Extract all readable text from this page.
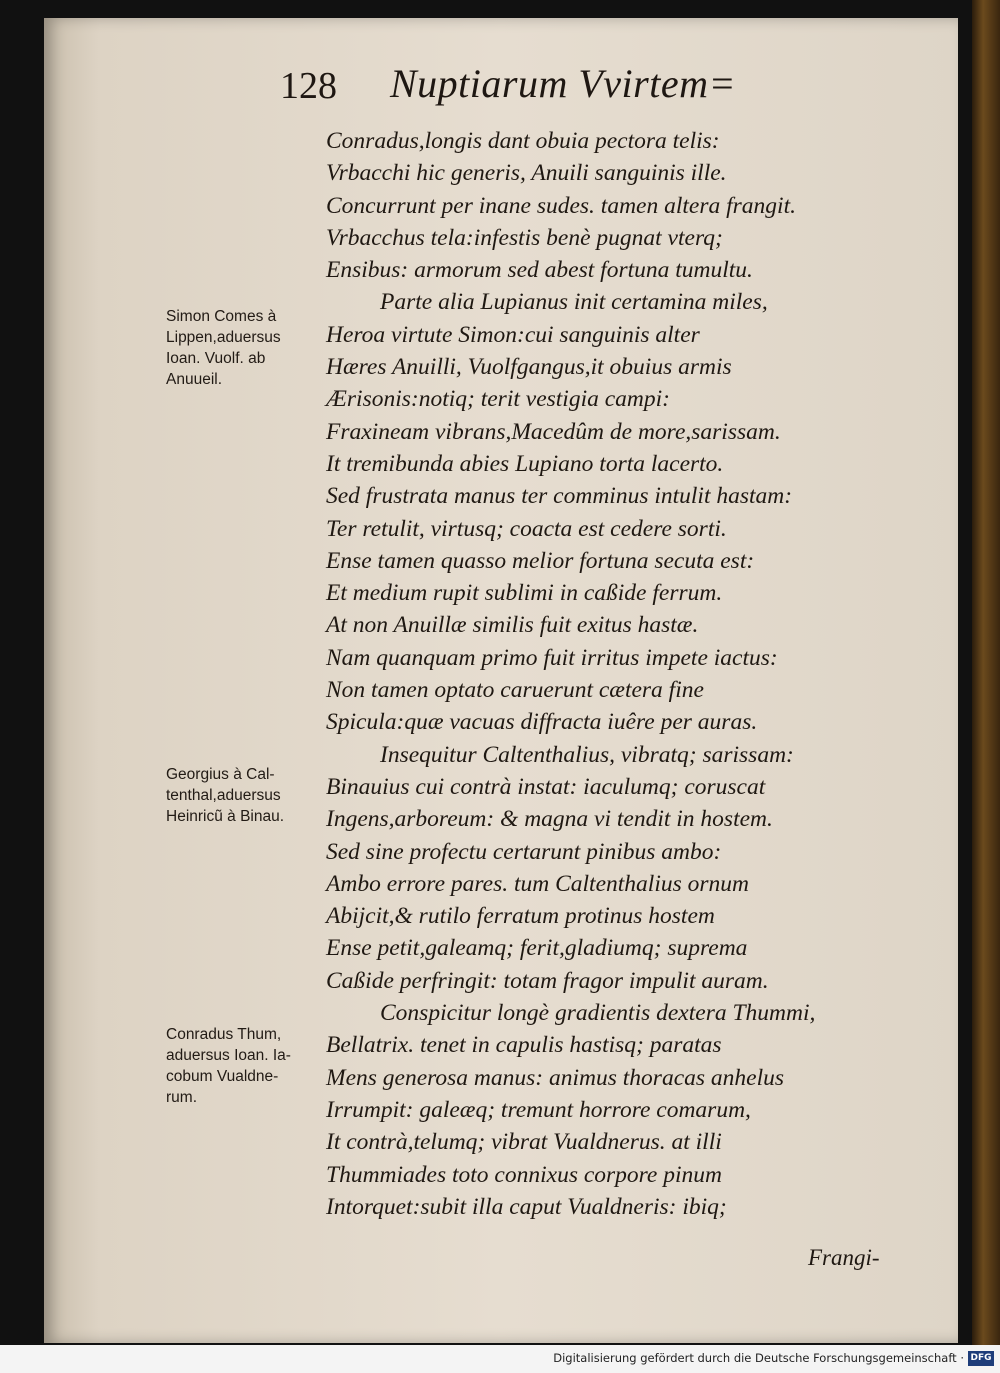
128 Nuptiarum Vvirtem=
Conradus,longis dant obuia pectora telis:
Vrbacchi hic generis, Anuili sanguinis ille.
Concurrunt per inane sudes. tamen altera frangit.
Vrbacchus tela:infestis benè pugnat vterq;
Ensibus: armorum sed abest fortuna tumultu.
Parte alia Lupianus init certamina miles,
Heroa virtute Simon:cui sanguinis alter
Hæres Anuilli, Vuolfgangus,it obuius armis
Ærisonis:notiq; terit vestigia campi:
Fraxineam vibrans,Macedûm de more,sarissam.
It tremibunda abies Lupiano torta lacerto.
Sed frustrata manus ter comminus intulit hastam:
Ter retulit, virtusq; coacta est cedere sorti.
Ense tamen quasso melior fortuna secuta est:
Et medium rupit sublimi in caßide ferrum.
At non Anuillæ similis fuit exitus hastæ.
Nam quanquam primo fuit irritus impete iactus:
Non tamen optato caruerunt cætera fine
Spicula:quæ vacuas diffracta iuêre per auras.
Insequitur Caltenthalius, vibratq; sarissam:
Binauius cui contrà instat: iaculumq; coruscat
Ingens,arboreum: & magna vi tendit in hostem.
Sed sine profectu certarunt pinibus ambo:
Ambo errore pares. tum Caltenthalius ornum
Abijcit,& rutilo ferratum protinus hostem
Ense petit,galeamq; ferit,gladiumq; suprema
Caßide perfringit: totam fragor impulit auram.
Conspicitur longè gradientis dextera Thummi,
Bellatrix. tenet in capulis hastisq; paratas
Mens generosa manus: animus thoracas anhelus
Irrumpit: galeæq; tremunt horrore comarum,
It contrà,telumq; vibrat Vualdnerus. at illi
Thummiades toto connixus corpore pinum
Intorquet:subit illa caput Vualdneris: ibiq;
Frangi-
Simon Comes à
Lippen,aduersus
Ioan. Vuolf. ab
Anuueil.
Georgius à Cal-
tenthal,aduersus
Heinricũ à Binau.
Conradus Thum,
aduersus Ioan. Ia-
cobum Vualdne-
rum.
Digitalisierung gefördert durch die Deutsche Forschungsgemeinschaft · DFG
